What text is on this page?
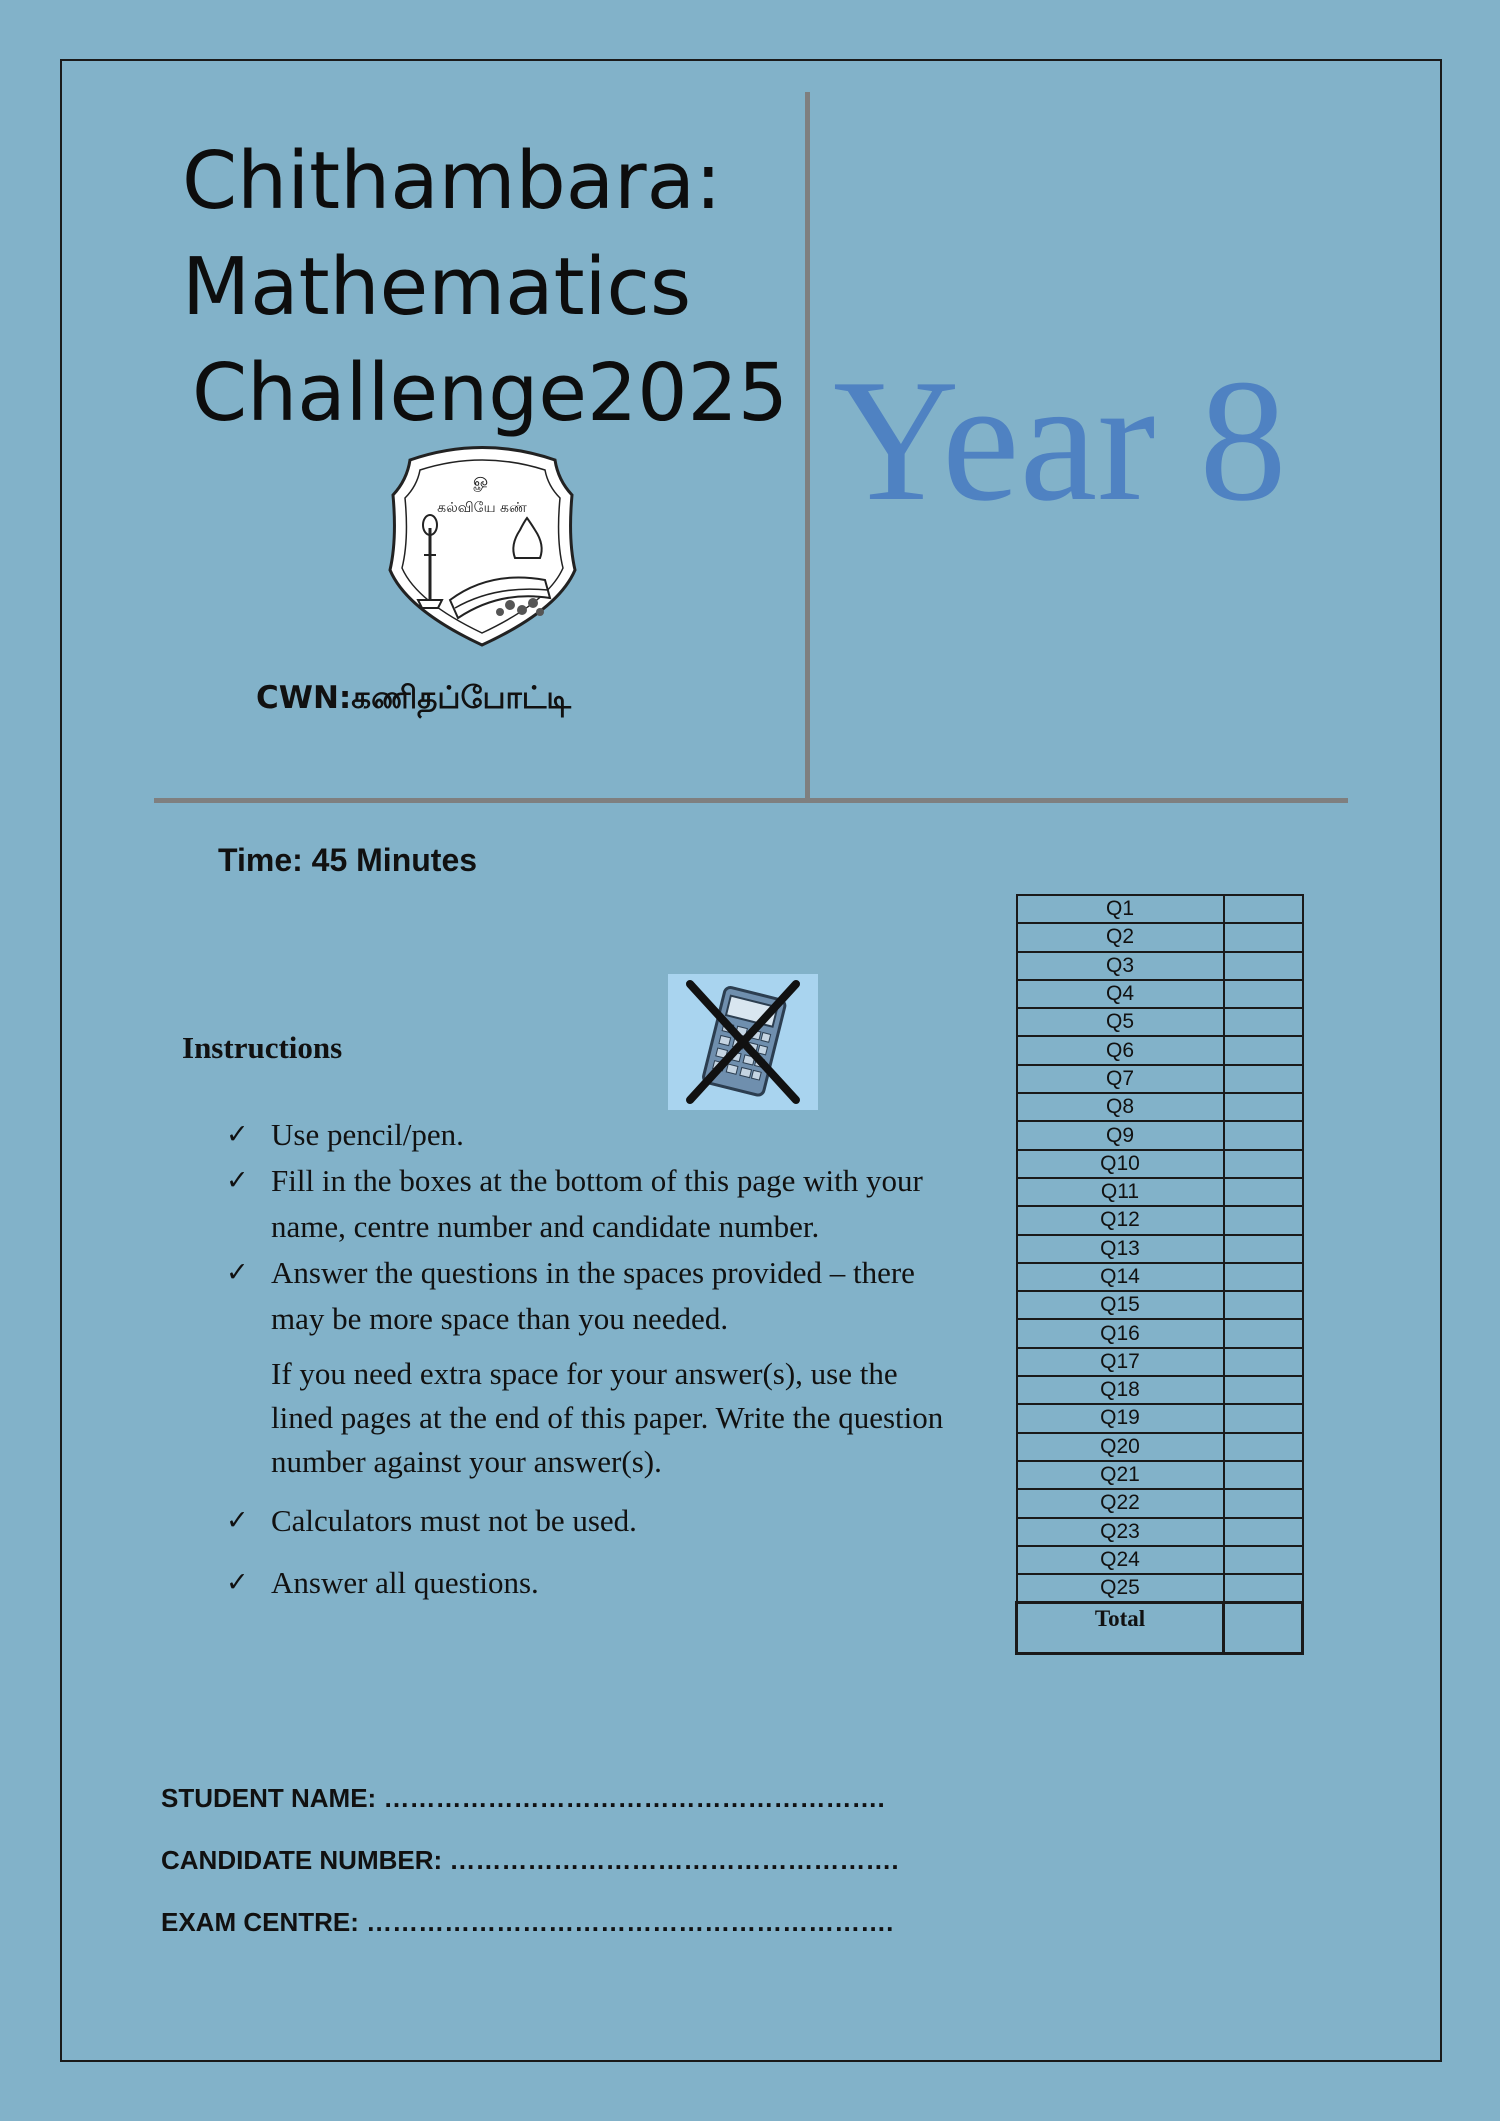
Chithambara:
Mathematics
Challenge2025 Year 8
ௐ
கல்வியே கண்
CWN:கணிதப்போட்டி
Time: 45 Minutes
Instructions
✓ Use pencil/pen.
✓ Fill in the boxes at the bottom of this page with your name, centre number and candidate number.
✓ Answer the questions in the spaces provided – there may be more space than you needed.
If you need extra space for your answer(s), use the lined pages at the end of this paper. Write the question number against your answer(s).
✓ Calculators must not be used.
✓ Answer all questions.
Q1	
Q2	
Q3	
Q4	
Q5	
Q6	
Q7	
Q8	
Q9	
Q10	
Q11	
Q12	
Q13	
Q14	
Q15	
Q16	
Q17	
Q18	
Q19	
Q20	
Q21	
Q22	
Q23	
Q24	
Q25	
Total	
STUDENT NAME: ………………………………………………….
CANDIDATE NUMBER: …………………………………………….
EXAM CENTRE: …………………………………………………….
